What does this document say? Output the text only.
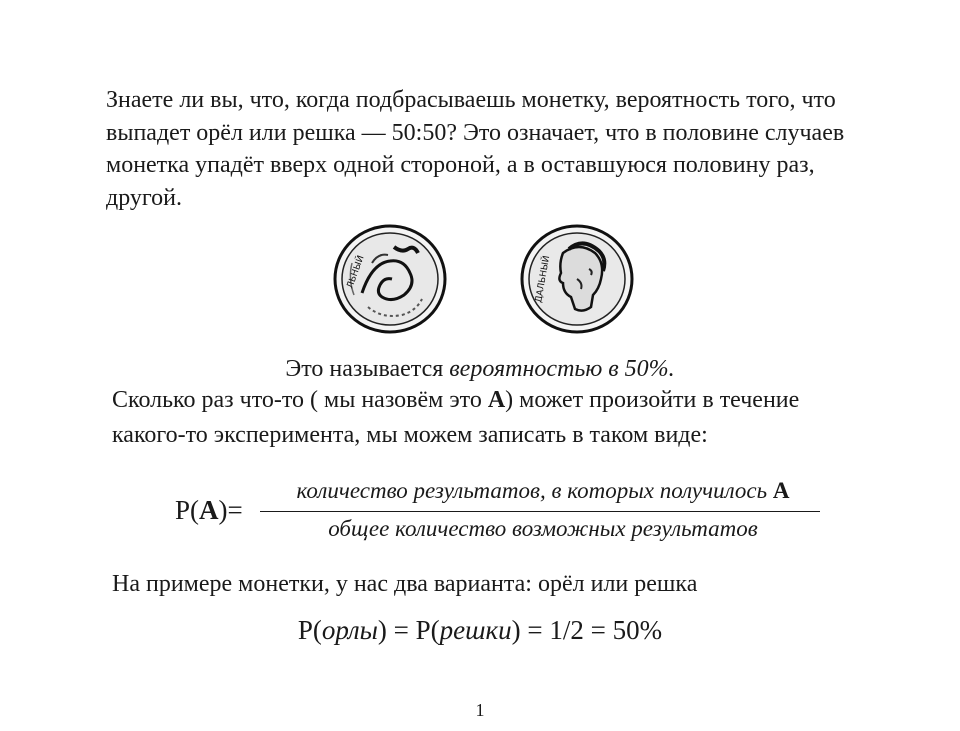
Знаете ли вы, что, когда подбрасываешь монетку, вероятность того, что выпадет орёл или решка — 50:50? Это означает, что в половине случаев монетка упадёт вверх одной стороной, а в оставшуюся половину раз, другой.

ЛЬНЫЙ	ДАЛЬНЫЙ
Это называется вероятностью в 50%.

Сколько раз что-то ( мы назовём это A) может произойти в течение какого-то эксперимента, мы можем записать в таком виде:

P(A)=
количество результатов, в которых получилось A
общее количество возможных результатов

На примере монетки, у нас два варианта: орёл или решка

P(орлы) = P(решки) = 1/2 = 50%
1
